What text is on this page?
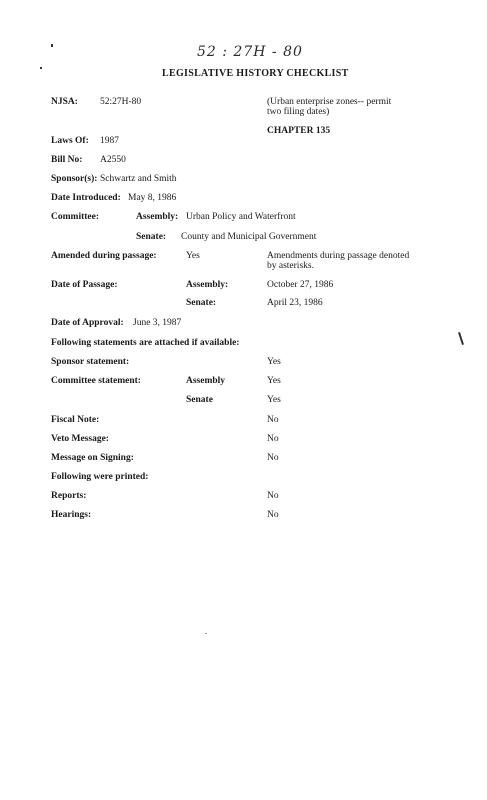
52 : 27H - 80
LEGISLATIVE HISTORY CHECKLIST
NJSA: 52:27H-80	(Urban enterprise zones-- permit
two filing dates)
CHAPTER 135
Laws Of: 1987
Bill No: A2550
Sponsor(s): Schwartz and Smith
Date Introduced: May 8, 1986
Committee:	Assembly: Urban Policy and Waterfront
Senate: County and Municipal Government
Amended during passage:	Yes	Amendments during passage denoted
by asterisks.
Date of Passage:	Assembly:	October 27, 1986
Senate:	April 23, 1986
Date of Approval: June 3, 1987
Following statements are attached if available:
Sponsor statement:	Yes
Committee statement:	Assembly	Yes
Senate	Yes
Fiscal Note:	No
Veto Message:	No
Message on Signing:	No
Following were printed:
Reports:	No
Hearings:	No
